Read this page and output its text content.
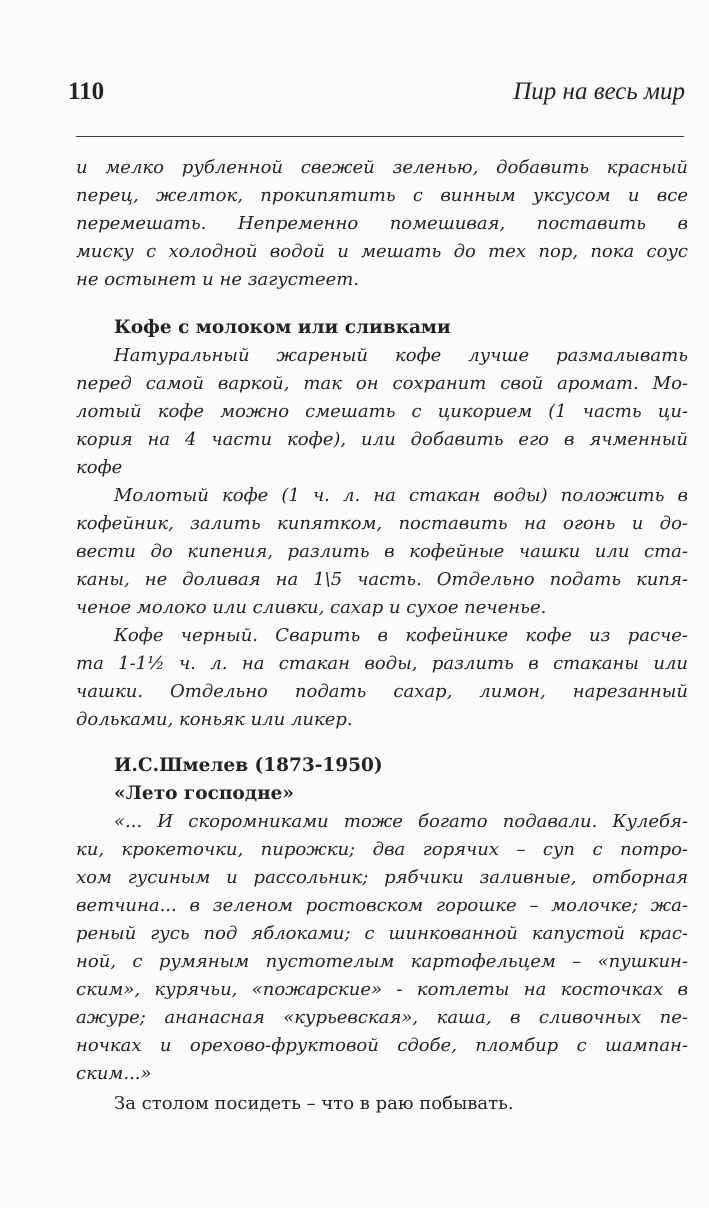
110	Пир на весь мир
и мелко рубленной свежей зеленью, добавить красный
перец, желток, прокипятить с винным уксусом и все
перемешать. Непременно помешивая, поставить в
миску с холодной водой и мешать до тех пор, пока соус
не остынет и не загустеет.
Кофе с молоком или сливками
Натуральный жареный кофе лучше размалывать
перед самой варкой, так он сохранит свой аромат. Мо-
лотый кофе можно смешать с цикорием (1 часть ци-
кория на 4 части кофе), или добавить его в ячменный
кофе
Молотый кофе (1 ч. л. на стакан воды) положить в
кофейник, залить кипятком, поставить на огонь и до-
вести до кипения, разлить в кофейные чашки или ста-
каны, не доливая на 1\5 часть. Отдельно подать кипя-
ченое молоко или сливки, сахар и сухое печенье.
Кофе черный. Сварить в кофейнике кофе из расче-
та 1-1½ ч. л. на стакан воды, разлить в стаканы или
чашки. Отдельно подать сахар, лимон, нарезанный
дольками, коньяк или ликер.
И.С.Шмелев (1873-1950)
«Лето господне»
«... И скоромниками тоже богато подавали. Кулебя-
ки, крокеточки, пирожки; два горячих – суп с потро-
хом гусиным и рассольник; рябчики заливные, отборная
ветчина... в зеленом ростовском горошке – молочке; жа-
реный гусь под яблоками; с шинкованной капустой крас-
ной, с румяным пустотелым картофельцем – «пушкин-
ским», курячьи, «пожарские» - котлеты на косточках в
ажуре; ананасная «курьевская», каша, в сливочных пе-
ночках и орехово-фруктовой сдобе, пломбир с шампан-
ским...»
За столом посидеть – что в раю побывать.
